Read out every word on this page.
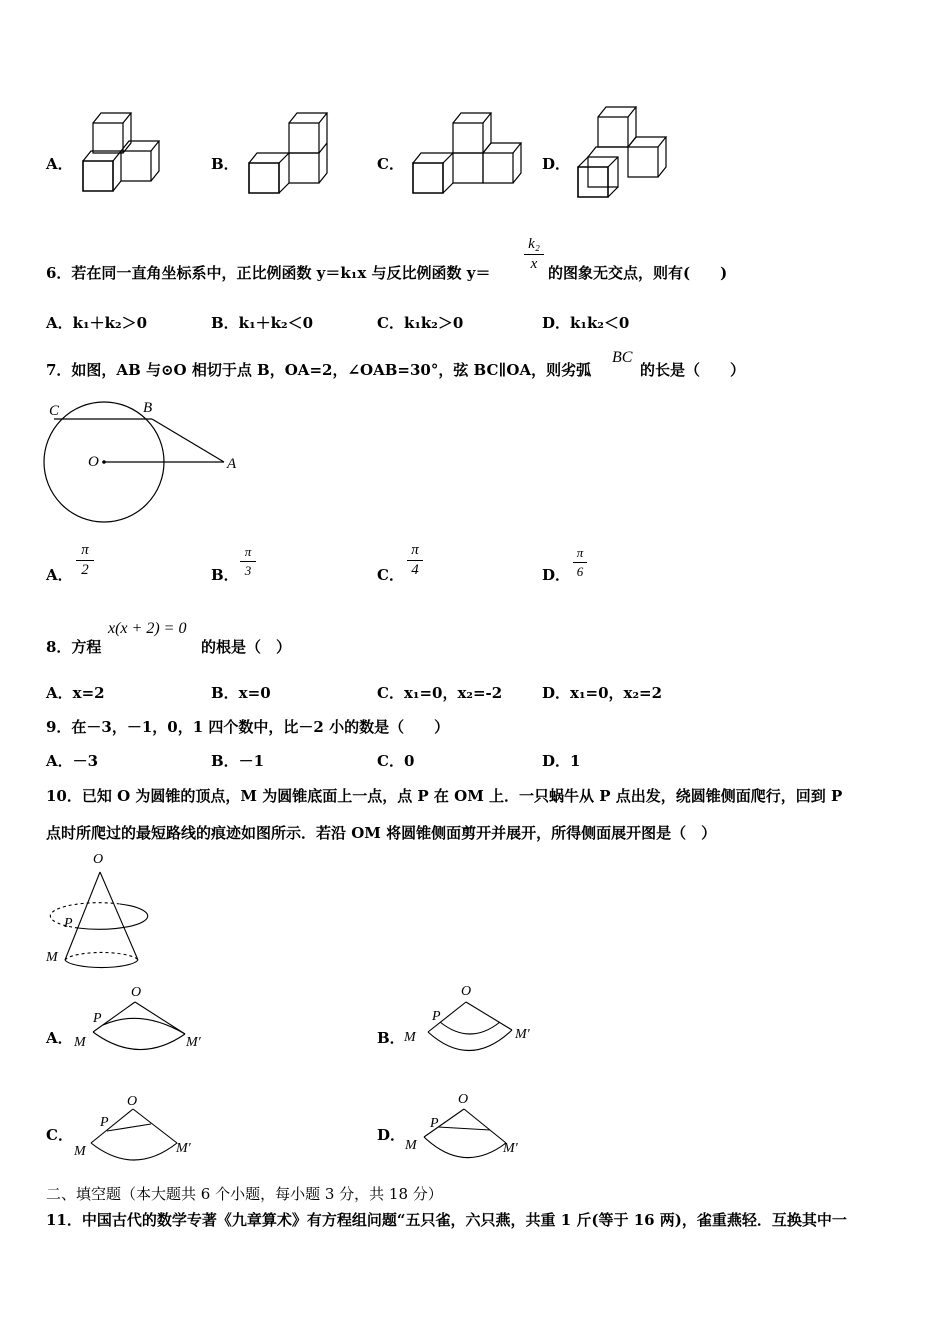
A．	B．	C．	D．
6．若在同一直角坐标系中，正比例函数 y＝k₁x 与反比例函数 y＝
k₂
x 的图象无交点，则有(　　)
A．k₁＋k₂＞0	B．k₁＋k₂＜0	C．k₁k₂＞0	D．k₁k₂＜0
7．如图，AB 与⊙O 相切于点 B，OA=2，∠OAB=30°，弦 BC∥OA，则劣弧
BC
的长是（　　）
C	B
O	A
A．
π
2	B．
π
3	C．
π
4	D．
π
6
8．方程
x(x + 2) = 0
的根是（　）
A．x=2	B．x=0	C．x₁=0，x₂=-2	D．x₁=0，x₂=2
9．在－3，－1，0，1 四个数中，比－2 小的数是（　　）
A．－3	B．－1	C．0	D．1
10．已知 O 为圆锥的顶点，M 为圆锥底面上一点，点 P 在 OM 上．一只蜗牛从 P 点出发，绕圆锥侧面爬行，回到 P
点时所爬过的最短路线的痕迹如图所示．若沿 OM 将圆锥侧面剪开并展开，所得侧面展开图是（　）
O
P
M
A．
O
P
M	M′	B．
O
P
M	M′
C．
O
P
M	M′
D．
O
P
M	M′
二、填空题（本大题共 6 个小题，每小题 3 分，共 18 分）
11．中国古代的数学专著《九章算术》有方程组问题“五只雀，六只燕，共重 1 斤(等于 16 两)，雀重燕轻．互换其中一
